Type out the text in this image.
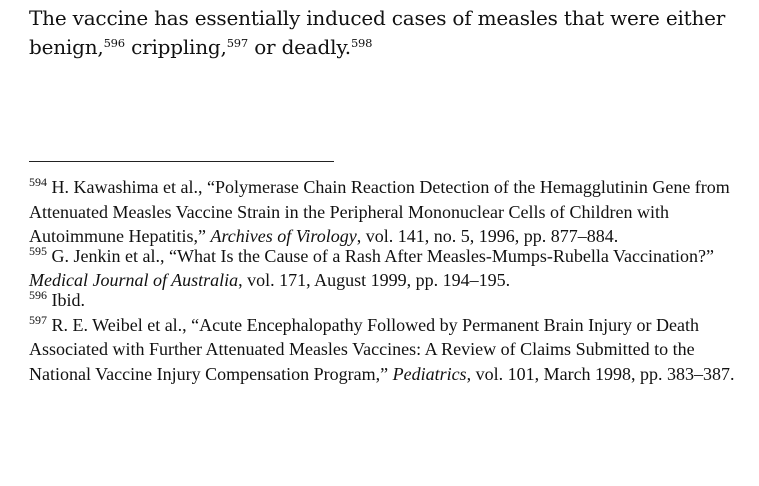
The vaccine has essentially induced cases of measles that were either
benign,$^{596}$ crippling,$^{597}$ or deadly.$^{598}$

$^{594}$ H. Kawashima et al., “Polymerase Chain Reaction Detection of the Hemagglutinin Gene from Attenuated Measles Vaccine Strain in the Peripheral Mononuclear Cells of Children with Autoimmune Hepatitis,” Archives of Virology, vol. 141, no. 5, 1996, pp. 877–884.

$^{595}$ G. Jenkin et al., “What Is the Cause of a Rash After Measles-Mumps-Rubella Vaccination?” Medical Journal of Australia, vol. 171, August 1999, pp. 194–195.

$^{596}$ Ibid.

$^{597}$ R. E. Weibel et al., “Acute Encephalopathy Followed by Permanent Brain Injury or Death Associated with Further Attenuated Measles Vaccines: A Review of Claims Submitted to the National Vaccine Injury Compensation Program,” Pediatrics, vol. 101, March 1998, pp. 383–387.
